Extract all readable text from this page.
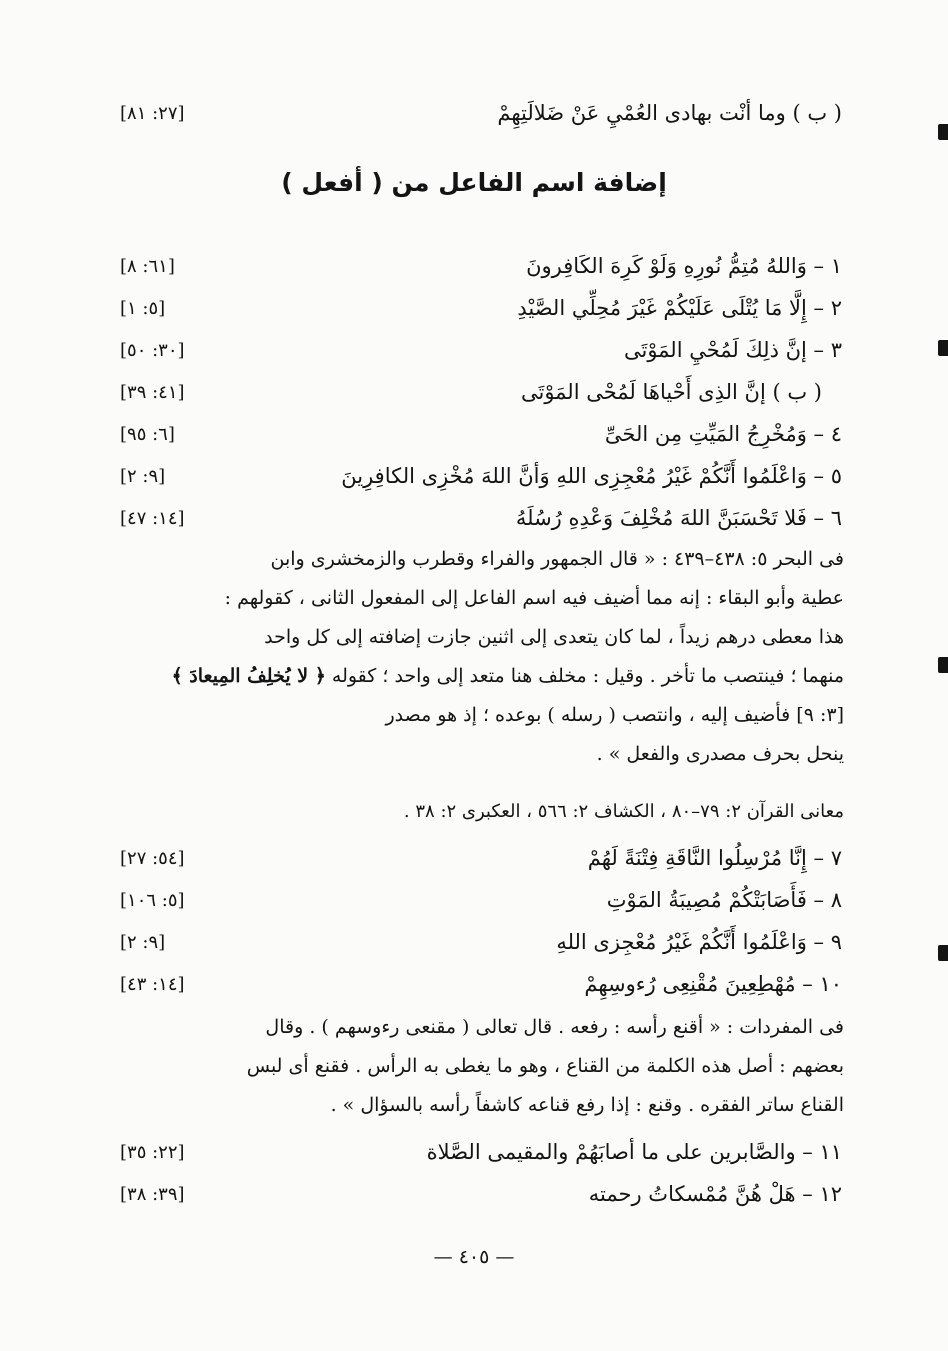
[٢٧: ٨١]	( ب ) وما أنْت بهادى العُمْيِ عَنْ ضَلالَتِهِمْ
إضافة اسم الفاعل من ( أفعل )
[٦١: ٨]	١ – وَاللهُ مُتِمُّ نُورِهِ وَلَوْ كَرِهَ الكَافِرونَ
[٥: ١]	٢ – إِلَّا مَا يُتْلَى عَلَيْكُمْ غَيْرَ مُحِلِّي الصَّيْدِ
[٣٠: ٥٠]	٣ – إنَّ ذلِكَ لَمُحْيِ المَوْتَى
[٤١: ٣٩]	( ب ) إنَّ الذِى أَحْياهَا لَمُحْى المَوْتَى
[٦: ٩٥]	٤ – وَمُخْرِجُ المَيِّتِ مِن الحَىِّ
[٩: ٢]	٥ – وَاعْلَمُوا أَنَّكُمْ غَيْرُ مُعْجِزِى اللهِ وَأنَّ اللهَ مُخْزِى الكافِرِينَ
[١٤: ٤٧]	٦ – فَلا تَحْسَبَنَّ اللهَ مُخْلِفَ وَعْدِهِ رُسُلَهُ
فى البحر ٥: ٤٣٨–٤٣٩ : « قال الجمهور والفراء وقطرب والزمخشرى وابن
عطية وأبو البقاء : إنه مما أضيف فيه اسم الفاعل إلى المفعول الثانى ، كقولهم :
هذا معطى درهم زيداً ، لما كان يتعدى إلى اثنين جازت إضافته إلى كل واحد
منهما ؛ فينتصب ما تأخر . وقيل : مخلف هنا متعد إلى واحد ؛ كقوله ﴿ لا يُخلِفُ المِيعادَ ﴾
[٣: ٩] فأضيف إليه ، وانتصب ( رسله ) بوعده ؛ إذ هو مصدر
ينحل بحرف مصدرى والفعل » .
معانى القرآن ٢: ٧٩–٨٠ ، الكشاف ٢: ٥٦٦ ، العكبرى ٢: ٣٨ .
[٥٤: ٢٧]	٧ – إِنَّا مُرْسِلُوا النَّاقَةِ فِتْنَةً لَهُمْ
[٥: ١٠٦]	٨ – فَأَصَابَتْكُمْ مُصِيبَةُ المَوْتِ
[٩: ٢]	٩ – وَاعْلَمُوا أَنَّكُمْ غَيْرُ مُعْجِزى اللهِ
[١٤: ٤٣]	١٠ – مُهْطِعِينَ مُقْنِعِى رُءوسِهِمْ
فى المفردات : « أقنع رأسه : رفعه . قال تعالى ( مقنعى رءوسهم ) . وقال
بعضهم : أصل هذه الكلمة من القناع ، وهو ما يغطى به الرأس . فقنع أى لبس
القناع ساتر الفقره . وقنع : إذا رفع قناعه كاشفاً رأسه بالسؤال » .
[٢٢: ٣٥]	١١ – والصَّابرين على ما أصابَهُمْ والمقيمى الصَّلاة
[٣٩: ٣٨]	١٢ – هَلْ هُنَّ مُمْسكاتُ رحمته
— ٤٠٥ —
